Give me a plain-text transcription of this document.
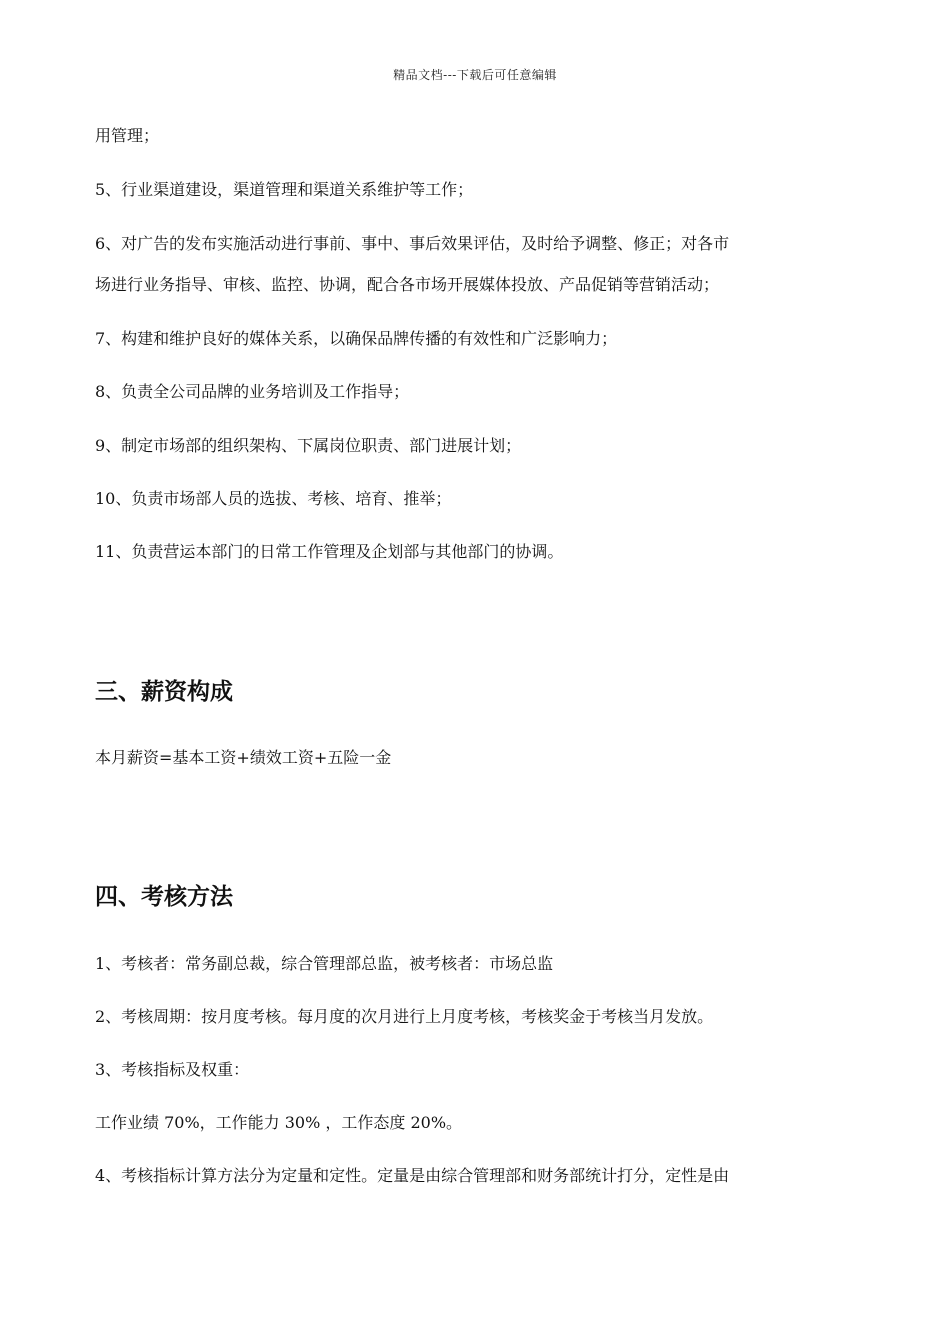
精品文档---下载后可任意编辑
用管理；
5、行业渠道建设，渠道管理和渠道关系维护等工作；
6、对广告的发布实施活动进行事前、事中、事后效果评估，及时给予调整、修正；对各市
场进行业务指导、审核、监控、协调，配合各市场开展媒体投放、产品促销等营销活动；
7、构建和维护良好的媒体关系，以确保品牌传播的有效性和广泛影响力；
8、负责全公司品牌的业务培训及工作指导；
9、制定市场部的组织架构、下属岗位职责、部门进展计划；
10、负责市场部人员的选拔、考核、培育、推举；
11、负责营运本部门的日常工作管理及企划部与其他部门的协调。
三、薪资构成
本月薪资=基本工资+绩效工资+五险一金
四、考核方法
1、考核者：常务副总裁，综合管理部总监，被考核者：市场总监
2、考核周期：按月度考核。每月度的次月进行上月度考核，考核奖金于考核当月发放。
3、考核指标及权重：
工作业绩 70%，工作能力 30% ，工作态度 20%。
4、考核指标计算方法分为定量和定性。定量是由综合管理部和财务部统计打分，定性是由
